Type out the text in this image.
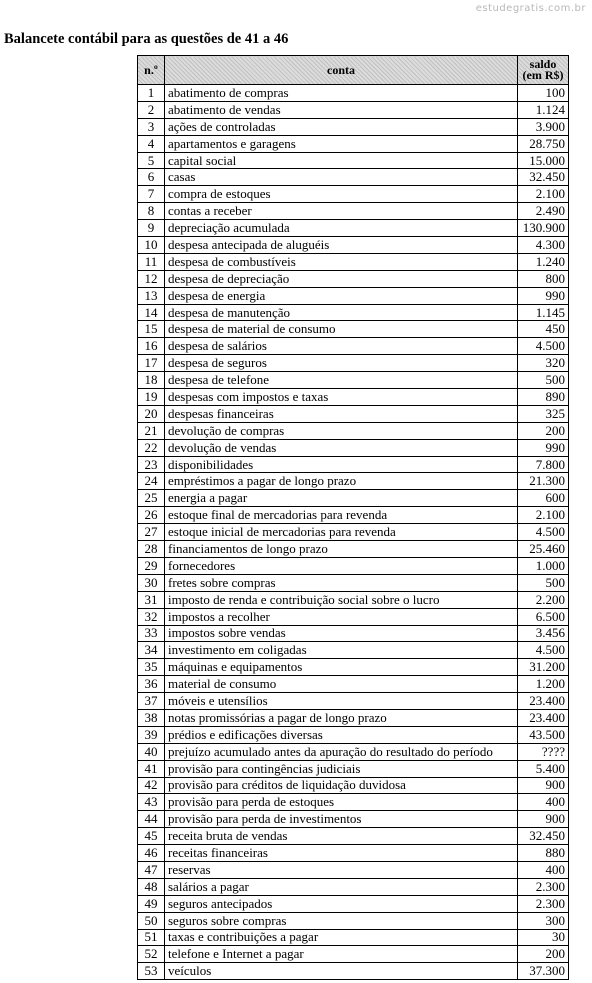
estudegratis.com.br
Balancete contábil para as questões de 41 a 46
n.º	conta	saldo
(em R$)
1	abatimento de compras	100
2	abatimento de vendas	1.124
3	ações de controladas	3.900
4	apartamentos e garagens	28.750
5	capital social	15.000
6	casas	32.450
7	compra de estoques	2.100
8	contas a receber	2.490
9	depreciação acumulada	130.900
10	despesa antecipada de aluguéis	4.300
11	despesa de combustíveis	1.240
12	despesa de depreciação	800
13	despesa de energia	990
14	despesa de manutenção	1.145
15	despesa de material de consumo	450
16	despesa de salários	4.500
17	despesa de seguros	320
18	despesa de telefone	500
19	despesas com impostos e taxas	890
20	despesas financeiras	325
21	devolução de compras	200
22	devolução de vendas	990
23	disponibilidades	7.800
24	empréstimos a pagar de longo prazo	21.300
25	energia a pagar	600
26	estoque final de mercadorias para revenda	2.100
27	estoque inicial de mercadorias para revenda	4.500
28	financiamentos de longo prazo	25.460
29	fornecedores	1.000
30	fretes sobre compras	500
31	imposto de renda e contribuição social sobre o lucro	2.200
32	impostos a recolher	6.500
33	impostos sobre vendas	3.456
34	investimento em coligadas	4.500
35	máquinas e equipamentos	31.200
36	material de consumo	1.200
37	móveis e utensílios	23.400
38	notas promissórias a pagar de longo prazo	23.400
39	prédios e edificações diversas	43.500
40	prejuízo acumulado antes da apuração do resultado do período	????
41	provisão para contingências judiciais	5.400
42	provisão para créditos de liquidação duvidosa	900
43	provisão para perda de estoques	400
44	provisão para perda de investimentos	900
45	receita bruta de vendas	32.450
46	receitas financeiras	880
47	reservas	400
48	salários a pagar	2.300
49	seguros antecipados	2.300
50	seguros sobre compras	300
51	taxas e contribuições a pagar	30
52	telefone e Internet a pagar	200
53	veículos	37.300
